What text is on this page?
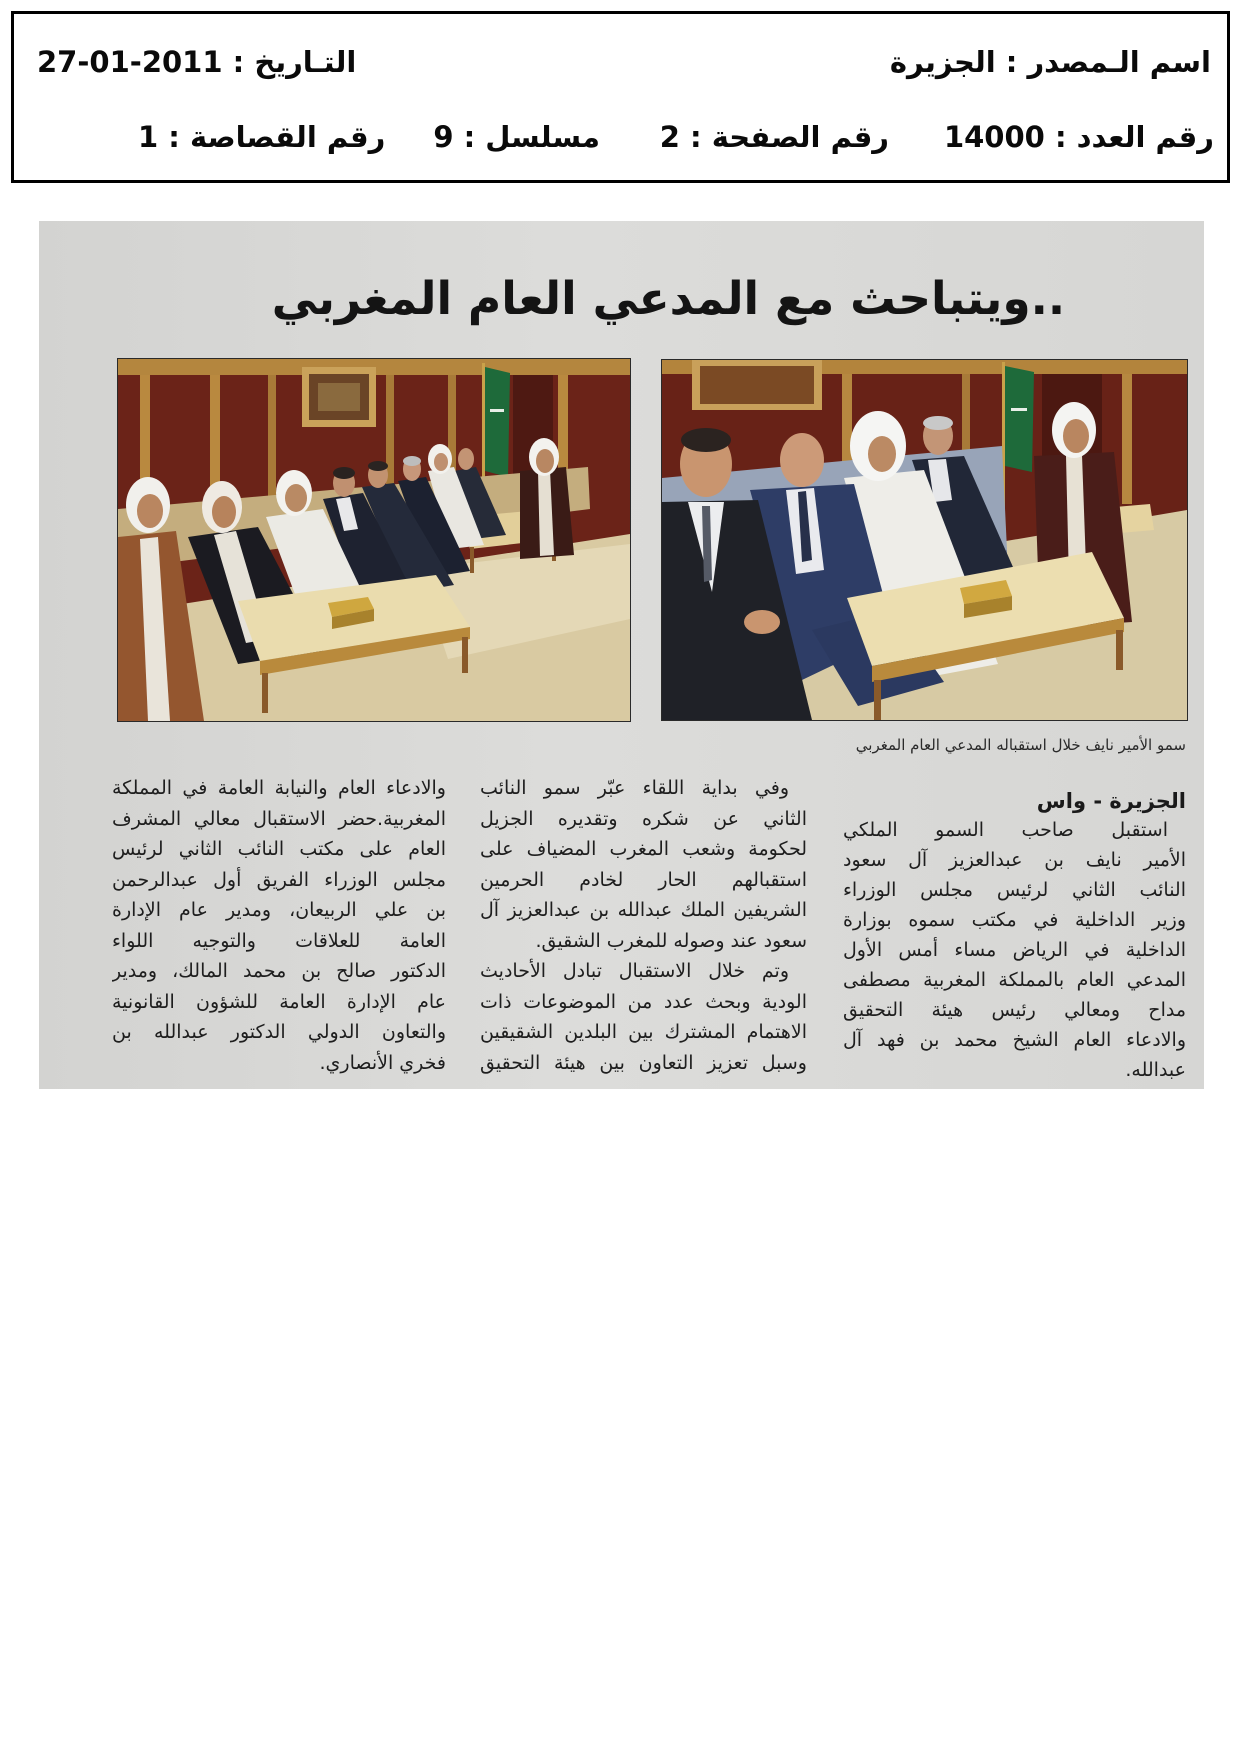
اسم الـمصدر : الجزيرة
التـاريخ : 2011-01-27
رقم العدد : 14000
رقم الصفحة : 2
مسلسل : 9
رقم القصاصة : 1
..ويتباحث مع المدعي العام المغربي
سمو الأمير نايف خلال استقباله المدعي العام المغربي
الجزيرة - واس
استقبل صاحب السمو الملكي
الأمير نايف بن عبدالعزيز آل سعود
النائب الثاني لرئيس مجلس الوزراء
وزير الداخلية في مكتب سموه بوزارة
الداخلية في الرياض مساء أمس الأول
المدعي العام بالمملكة المغربية مصطفى
مداح ومعالي رئيس هيئة التحقيق
والادعاء العام الشيخ محمد بن فهد آل
عبدالله.
وفي بداية اللقاء عبّر سمو النائب
الثاني عن شكره وتقديره الجزيل
لحكومة وشعب المغرب المضياف على
استقبالهم الحار لخادم الحرمين
الشريفين الملك عبدالله بن عبدالعزيز آل
سعود عند وصوله للمغرب الشقيق.
وتم خلال الاستقبال تبادل الأحاديث
الودية وبحث عدد من الموضوعات ذات
الاهتمام المشترك بين البلدين الشقيقين
وسبل تعزيز التعاون بين هيئة التحقيق
والادعاء العام والنيابة العامة في المملكة
المغربية.حضر الاستقبال معالي المشرف
العام على مكتب النائب الثاني لرئيس
مجلس الوزراء الفريق أول عبدالرحمن
بن علي الربيعان، ومدير عام الإدارة
العامة للعلاقات والتوجيه اللواء
الدكتور صالح بن محمد المالك، ومدير
عام الإدارة العامة للشؤون القانونية
والتعاون الدولي الدكتور عبدالله بن
فخري الأنصاري.
